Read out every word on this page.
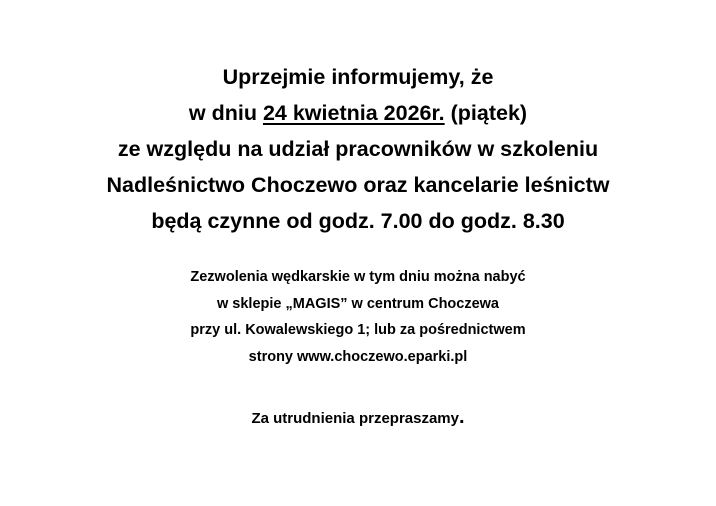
Uprzejmie informujemy, że
w dniu 24 kwietnia 2026r. (piątek)
ze względu na udział pracowników w szkoleniu
Nadleśnictwo Choczewo oraz kancelarie leśnictw
będą czynne od godz. 7.00 do godz. 8.30
Zezwolenia wędkarskie w tym dniu można nabyć
w sklepie „MAGIS” w centrum Choczewa
przy ul. Kowalewskiego 1; lub za pośrednictwem
strony www.choczewo.eparki.pl
Za utrudnienia przepraszamy.
